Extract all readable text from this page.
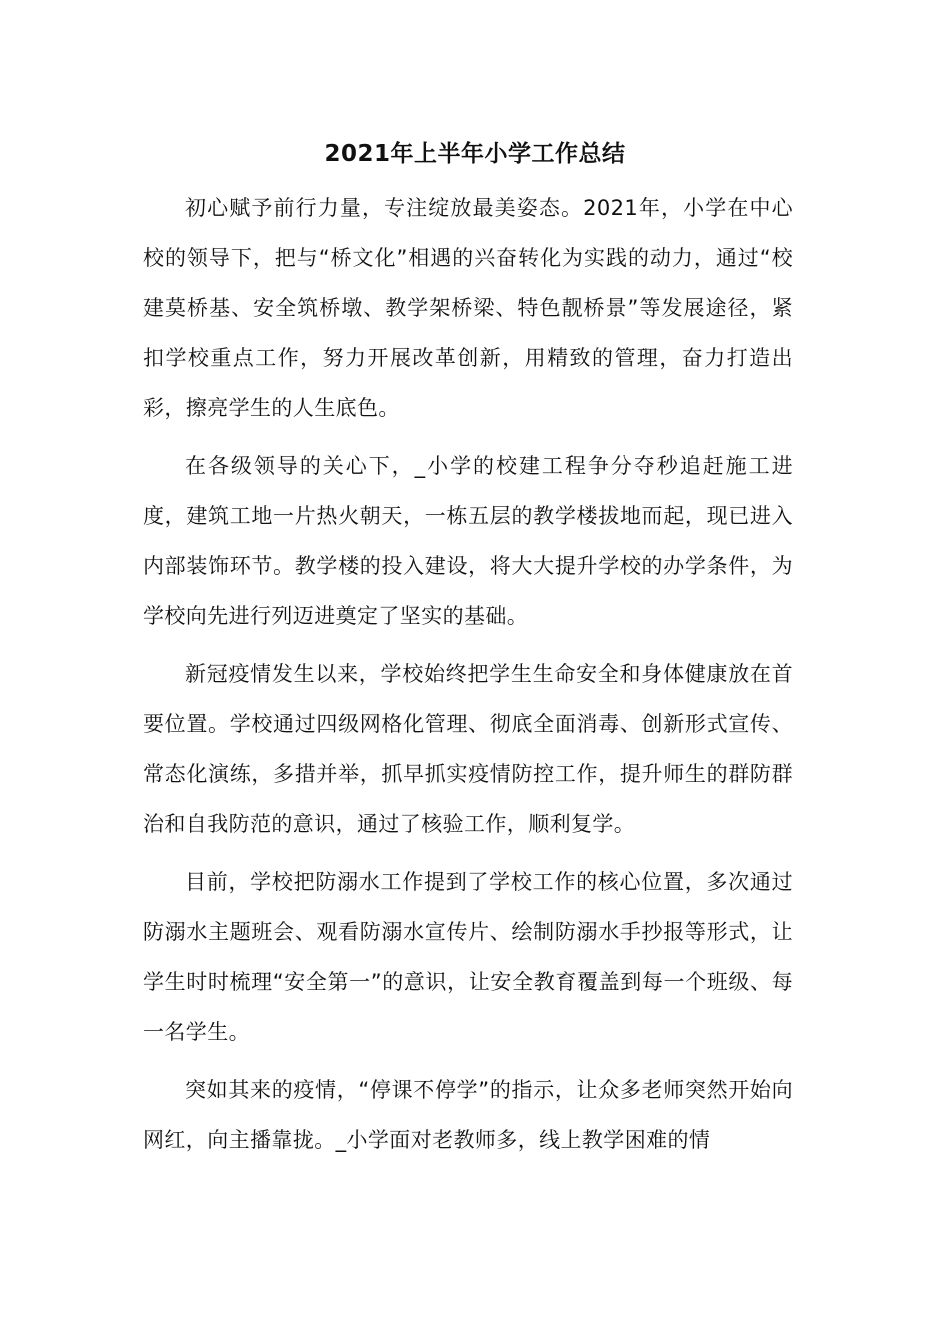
2021年上半年小学工作总结

初心赋予前行力量，专注绽放最美姿态。2021年，小学在中心校的领导下，把与“桥文化”相遇的兴奋转化为实践的动力，通过“校建莫桥基、安全筑桥墩、教学架桥梁、特色靓桥景”等发展途径，紧扣学校重点工作，努力开展改革创新，用精致的管理，奋力打造出彩，擦亮学生的人生底色。

在各级领导的关心下，_小学的校建工程争分夺秒追赶施工进度，建筑工地一片热火朝天，一栋五层的教学楼拔地而起，现已进入内部装饰环节。教学楼的投入建设，将大大提升学校的办学条件，为学校向先进行列迈进奠定了坚实的基础。

新冠疫情发生以来，学校始终把学生生命安全和身体健康放在首要位置。学校通过四级网格化管理、彻底全面消毒、创新形式宣传、常态化演练，多措并举，抓早抓实疫情防控工作，提升师生的群防群治和自我防范的意识，通过了核验工作，顺利复学。

目前，学校把防溺水工作提到了学校工作的核心位置，多次通过防溺水主题班会、观看防溺水宣传片、绘制防溺水手抄报等形式，让学生时时梳理“安全第一”的意识，让安全教育覆盖到每一个班级、每一名学生。

突如其来的疫情，“停课不停学”的指示，让众多老师突然开始向网红，向主播靠拢。_小学面对老教师多，线上教学困难的情
